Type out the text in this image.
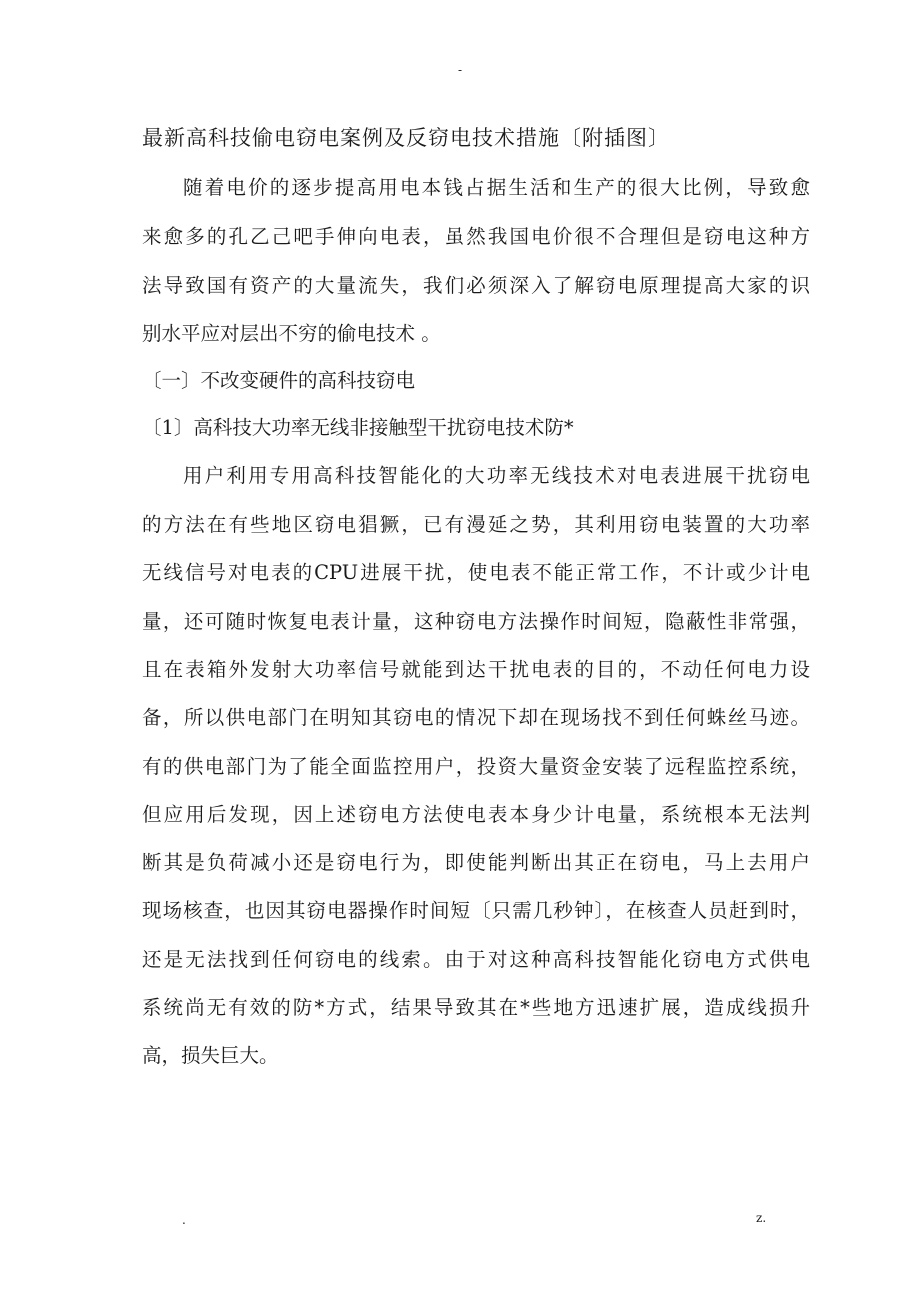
-
最新高科技偷电窃电案例及反窃电技术措施〔附插图〕
随着电价的逐步提高用电本钱占据生活和生产的很大比例，导致愈
来愈多的孔乙己吧手伸向电表，虽然我国电价很不合理但是窃电这种方
法导致国有资产的大量流失，我们必须深入了解窃电原理提高大家的识
别水平应对层出不穷的偷电技术 。
〔一〕不改变硬件的高科技窃电
〔1〕高科技大功率无线非接触型干扰窃电技术防*
用户利用专用高科技智能化的大功率无线技术对电表进展干扰窃电
的方法在有些地区窃电猖獗，已有漫延之势，其利用窃电装置的大功率
无线信号对电表的CPU进展干扰，使电表不能正常工作，不计或少计电
量，还可随时恢复电表计量，这种窃电方法操作时间短，隐蔽性非常强，
且在表箱外发射大功率信号就能到达干扰电表的目的，不动任何电力设
备，所以供电部门在明知其窃电的情况下却在现场找不到任何蛛丝马迹。
有的供电部门为了能全面监控用户，投资大量资金安装了远程监控系统，
但应用后发现，因上述窃电方法使电表本身少计电量，系统根本无法判
断其是负荷减小还是窃电行为，即使能判断出其正在窃电，马上去用户
现场核查，也因其窃电器操作时间短〔只需几秒钟〕，在核查人员赶到时，
还是无法找到任何窃电的线索。由于对这种高科技智能化窃电方式供电
系统尚无有效的防*方式，结果导致其在*些地方迅速扩展，造成线损升
高，损失巨大。
.	z.
